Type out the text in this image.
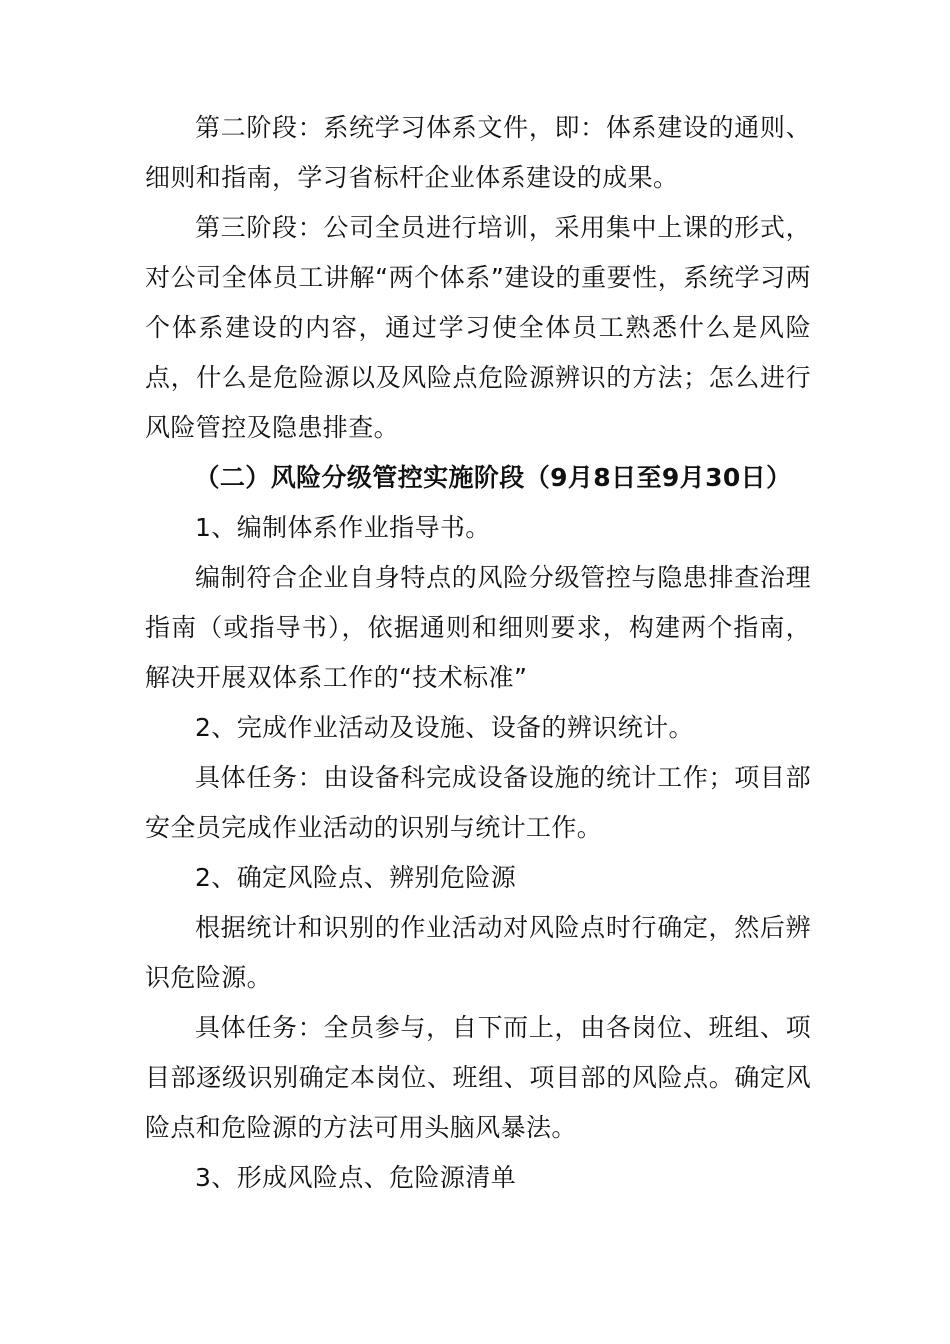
第二阶段：系统学习体系文件，即：体系建设的通则、细则和指南，学习省标杆企业体系建设的成果。

第三阶段：公司全员进行培训，采用集中上课的形式，对公司全体员工讲解“两个体系”建设的重要性，系统学习两个体系建设的内容，通过学习使全体员工熟悉什么是风险点，什么是危险源以及风险点危险源辨识的方法；怎么进行风险管控及隐患排查。

（二）风险分级管控实施阶段（9月8日至9月30日）

1、编制体系作业指导书。

编制符合企业自身特点的风险分级管控与隐患排查治理指南（或指导书），依据通则和细则要求，构建两个指南，解决开展双体系工作的“技术标准”

2、完成作业活动及设施、设备的辨识统计。

具体任务：由设备科完成设备设施的统计工作；项目部安全员完成作业活动的识别与统计工作。

2、确定风险点、辨别危险源

根据统计和识别的作业活动对风险点时行确定，然后辨识危险源。

具体任务：全员参与，自下而上，由各岗位、班组、项目部逐级识别确定本岗位、班组、项目部的风险点。确定风险点和危险源的方法可用头脑风暴法。

3、形成风险点、危险源清单
